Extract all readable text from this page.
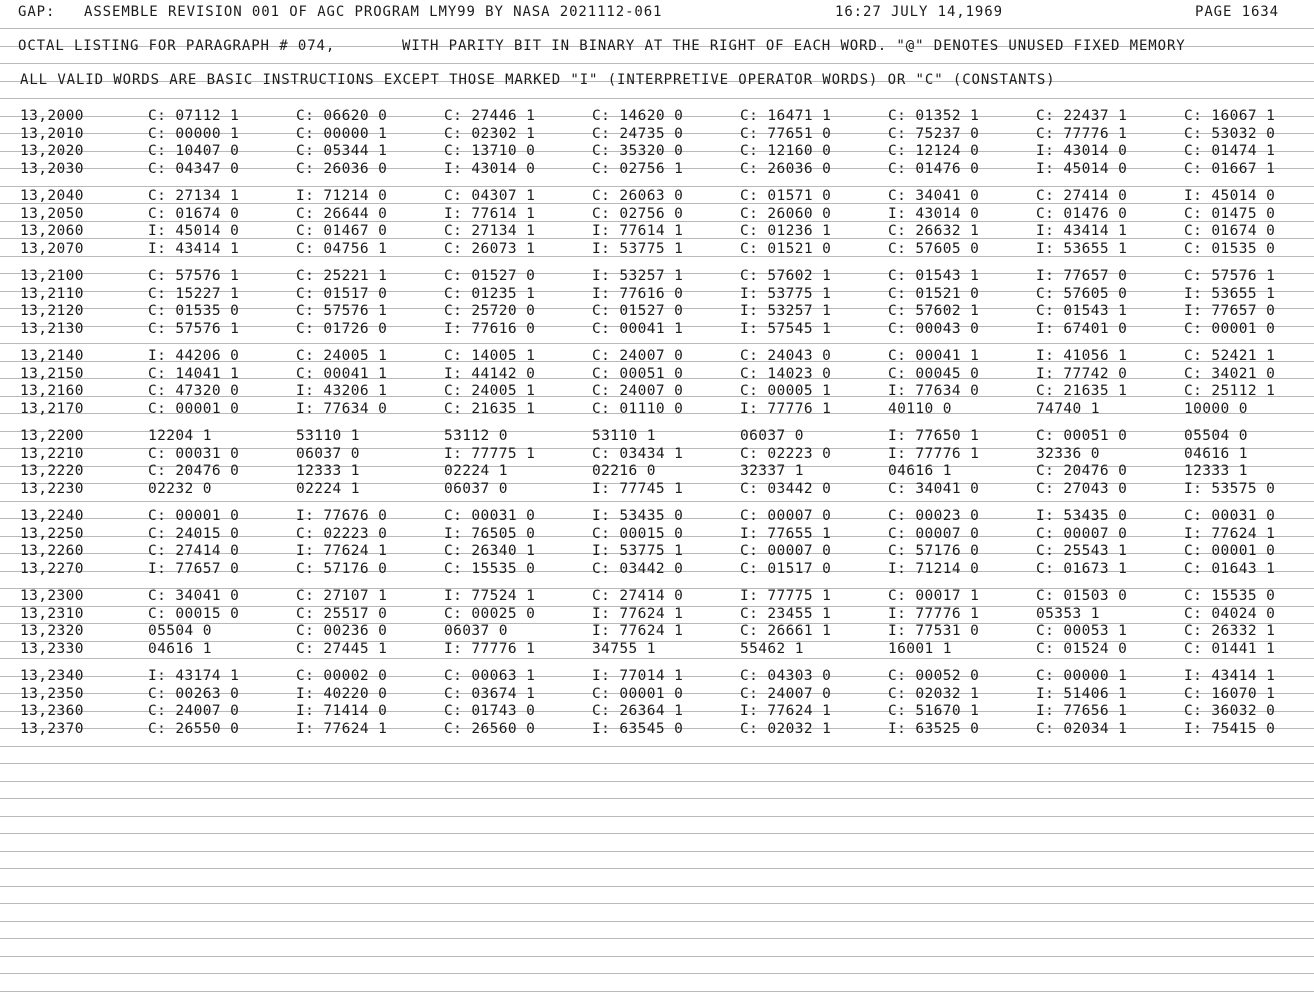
GAP: ASSEMBLE REVISION 001 OF AGC PROGRAM LMY99 BY NASA 2021112-061	16:27 JULY 14,1969	PAGE 1634
OCTAL LISTING FOR PARAGRAPH # 074,	WITH PARITY BIT IN BINARY AT THE RIGHT OF EACH WORD. "@" DENOTES UNUSED FIXED MEMORY
ALL VALID WORDS ARE BASIC INSTRUCTIONS EXCEPT THOSE MARKED "I" (INTERPRETIVE OPERATOR WORDS) OR "C" (CONSTANTS)
13,2000	C: 07112 1	C: 06620 0	C: 27446 1	C: 14620 0	C: 16471 1	C: 01352 1	C: 22437 1	C: 16067 1
13,2010	C: 00000 1	C: 00000 1	C: 02302 1	C: 24735 0	C: 77651 0	C: 75237 0	C: 77776 1	C: 53032 0
13,2020	C: 10407 0	C: 05344 1	C: 13710 0	C: 35320 0	C: 12160 0	C: 12124 0	I: 43014 0	C: 01474 1
13,2030	C: 04347 0	C: 26036 0	I: 43014 0	C: 02756 1	C: 26036 0	C: 01476 0	I: 45014 0	C: 01667 1
13,2040	C: 27134 1	I: 71214 0	C: 04307 1	C: 26063 0	C: 01571 0	C: 34041 0	C: 27414 0	I: 45014 0
13,2050	C: 01674 0	C: 26644 0	I: 77614 1	C: 02756 0	C: 26060 0	I: 43014 0	C: 01476 0	C: 01475 0
13,2060	I: 45014 0	C: 01467 0	C: 27134 1	I: 77614 1	C: 01236 1	C: 26632 1	I: 43414 1	C: 01674 0
13,2070	I: 43414 1	C: 04756 1	C: 26073 1	I: 53775 1	C: 01521 0	C: 57605 0	I: 53655 1	C: 01535 0
13,2100	C: 57576 1	C: 25221 1	C: 01527 0	I: 53257 1	C: 57602 1	C: 01543 1	I: 77657 0	C: 57576 1
13,2110	C: 15227 1	C: 01517 0	C: 01235 1	I: 77616 0	I: 53775 1	C: 01521 0	C: 57605 0	I: 53655 1
13,2120	C: 01535 0	C: 57576 1	C: 25720 0	C: 01527 0	I: 53257 1	C: 57602 1	C: 01543 1	I: 77657 0
13,2130	C: 57576 1	C: 01726 0	I: 77616 0	C: 00041 1	I: 57545 1	C: 00043 0	I: 67401 0	C: 00001 0
13,2140	I: 44206 0	C: 24005 1	C: 14005 1	C: 24007 0	C: 24043 0	C: 00041 1	I: 41056 1	C: 52421 1
13,2150	C: 14041 1	C: 00041 1	I: 44142 0	C: 00051 0	C: 14023 0	C: 00045 0	I: 77742 0	C: 34021 0
13,2160	C: 47320 0	I: 43206 1	C: 24005 1	C: 24007 0	C: 00005 1	I: 77634 0	C: 21635 1	C: 25112 1
13,2170	C: 00001 0	I: 77634 0	C: 21635 1	C: 01110 0	I: 77776 1	40110 0	74740 1	10000 0
13,2200	12204 1	53110 1	53112 0	53110 1	06037 0	I: 77650 1	C: 00051 0	05504 0
13,2210	C: 00031 0	06037 0	I: 77775 1	C: 03434 1	C: 02223 0	I: 77776 1	32336 0	04616 1
13,2220	C: 20476 0	12333 1	02224 1	02216 0	32337 1	04616 1	C: 20476 0	12333 1
13,2230	02232 0	02224 1	06037 0	I: 77745 1	C: 03442 0	C: 34041 0	C: 27043 0	I: 53575 0
13,2240	C: 00001 0	I: 77676 0	C: 00031 0	I: 53435 0	C: 00007 0	C: 00023 0	I: 53435 0	C: 00031 0
13,2250	C: 24015 0	C: 02223 0	I: 76505 0	C: 00015 0	I: 77655 1	C: 00007 0	C: 00007 0	I: 77624 1
13,2260	C: 27414 0	I: 77624 1	C: 26340 1	I: 53775 1	C: 00007 0	C: 57176 0	C: 25543 1	C: 00001 0
13,2270	I: 77657 0	C: 57176 0	C: 15535 0	C: 03442 0	C: 01517 0	I: 71214 0	C: 01673 1	C: 01643 1
13,2300	C: 34041 0	C: 27107 1	I: 77524 1	C: 27414 0	I: 77775 1	C: 00017 1	C: 01503 0	C: 15535 0
13,2310	C: 00015 0	C: 25517 0	C: 00025 0	I: 77624 1	C: 23455 1	I: 77776 1	05353 1	C: 04024 0
13,2320	05504 0	C: 00236 0	06037 0	I: 77624 1	C: 26661 1	I: 77531 0	C: 00053 1	C: 26332 1
13,2330	04616 1	C: 27445 1	I: 77776 1	34755 1	55462 1	16001 1	C: 01524 0	C: 01441 1
13,2340	I: 43174 1	C: 00002 0	C: 00063 1	I: 77014 1	C: 04303 0	C: 00052 0	C: 00000 1	I: 43414 1
13,2350	C: 00263 0	I: 40220 0	C: 03674 1	C: 00001 0	C: 24007 0	C: 02032 1	I: 51406 1	C: 16070 1
13,2360	C: 24007 0	I: 71414 0	C: 01743 0	C: 26364 1	I: 77624 1	C: 51670 1	I: 77656 1	C: 36032 0
13,2370	C: 26550 0	I: 77624 1	C: 26560 0	I: 63545 0	C: 02032 1	I: 63525 0	C: 02034 1	I: 75415 0
